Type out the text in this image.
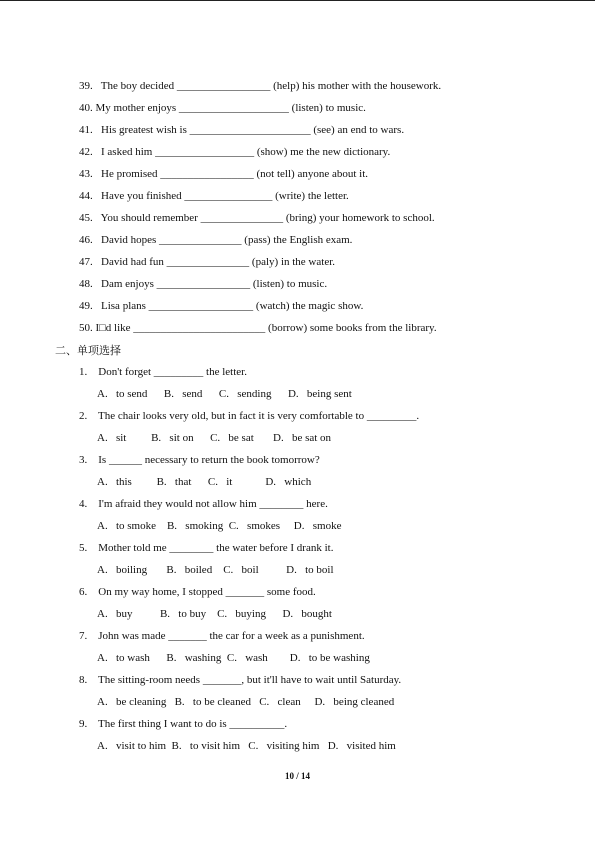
39.   The boy decided _________________ (help) his mother with the housework.
40. My mother enjoys ____________________ (listen) to music.
41.   His greatest wish is ______________________ (see) an end to wars.
42.   I asked him __________________ (show) me the new dictionary.
43.   He promised _________________ (not tell) anyone about it.
44.   Have you finished ________________ (write) the letter.
45.   You should remember _______________ (bring) your homework to school.
46.   David hopes _______________ (pass) the English exam.
47.   David had fun _______________ (paly) in the water.
48.   Dam enjoys _________________ (listen) to music.
49.   Lisa plans ___________________ (watch) the magic show.
50. I□d like ________________________ (borrow) some books from the library.
二、单项选择
1.    Don't forget _________ the letter.
A.   to send      B.   send      C.   sending      D.   being sent
2.    The chair looks very old, but in fact it is very comfortable to _________.
A.   sit         B.   sit on      C.   be sat       D.   be sat on
3.    Is ______ necessary to return the book tomorrow?
A.   this         B.   that      C.   it            D.   which
4.    I'm afraid they would not allow him ________ here.
A.   to smoke    B.   smoking  C.   smokes     D.   smoke
5.    Mother told me ________ the water before I drank it.
A.   boiling       B.   boiled    C.   boil          D.   to boil
6.    On my way home, I stopped _______ some food.
A.   buy          B.   to buy    C.   buying      D.   bought
7.    John was made _______ the car for a week as a punishment.
A.   to wash      B.   washing  C.   wash        D.   to be washing
8.    The sitting-room needs _______, but it'll have to wait until Saturday.
A.   be cleaning   B.   to be cleaned   C.   clean     D.   being cleaned
9.    The first thing I want to do is __________.
A.   visit to him  B.   to visit him   C.   visiting him   D.   visited him
10 / 14
